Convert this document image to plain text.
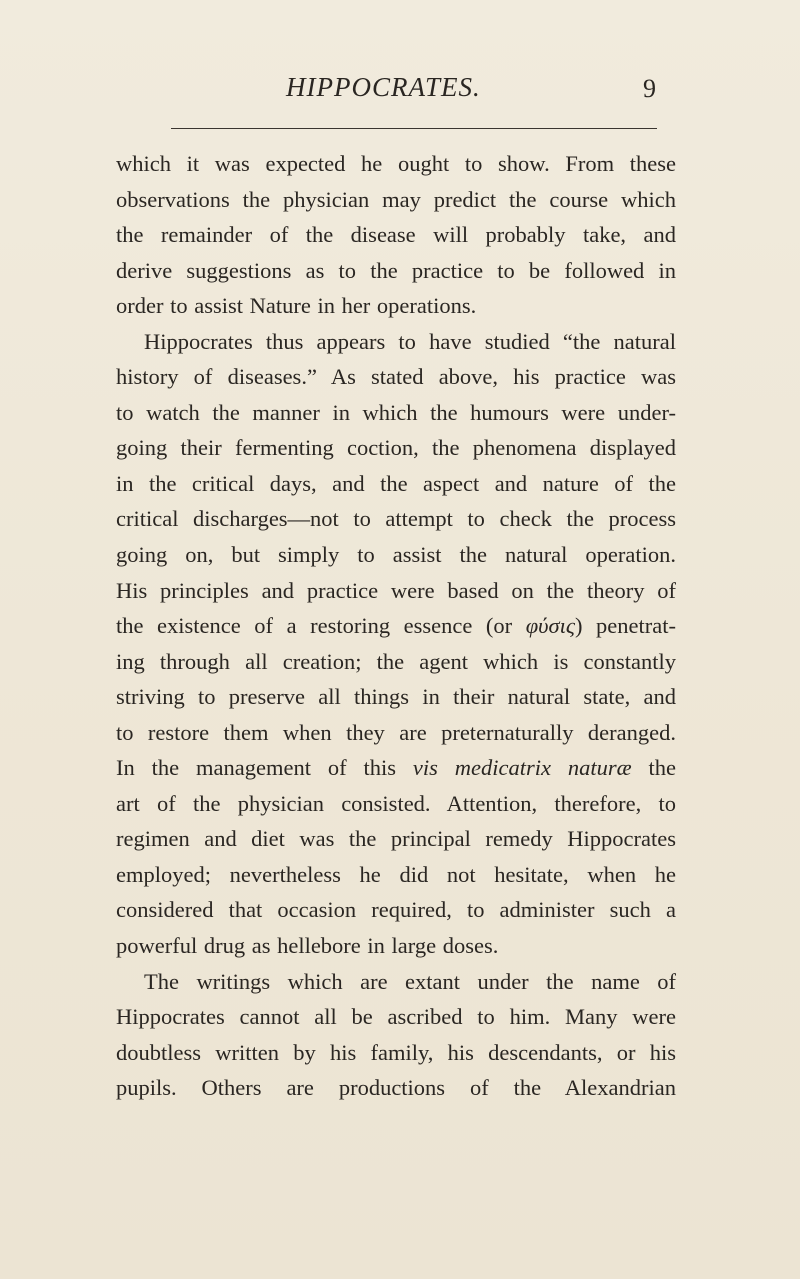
HIPPOCRATES.	9
which it was expected he ought to show. From these
observations the physician may predict the course which
the remainder of the disease will probably take, and
derive suggestions as to the practice to be followed in
order to assist Nature in her operations.
Hippocrates thus appears to have studied “the natural
history of diseases.” As stated above, his practice was
to watch the manner in which the humours were under-
going their fermenting coction, the phenomena displayed
in the critical days, and the aspect and nature of the
critical discharges—not to attempt to check the process
going on, but simply to assist the natural operation.
His principles and practice were based on the theory of
the existence of a restoring essence (or φύσις) penetrat-
ing through all creation; the agent which is constantly
striving to preserve all things in their natural state, and
to restore them when they are preternaturally deranged.
In the management of this vis medicatrix naturæ the
art of the physician consisted. Attention, therefore, to
regimen and diet was the principal remedy Hippocrates
employed; nevertheless he did not hesitate, when he
considered that occasion required, to administer such a
powerful drug as hellebore in large doses.
The writings which are extant under the name of
Hippocrates cannot all be ascribed to him. Many were
doubtless written by his family, his descendants, or his
pupils. Others are productions of the Alexandrian
